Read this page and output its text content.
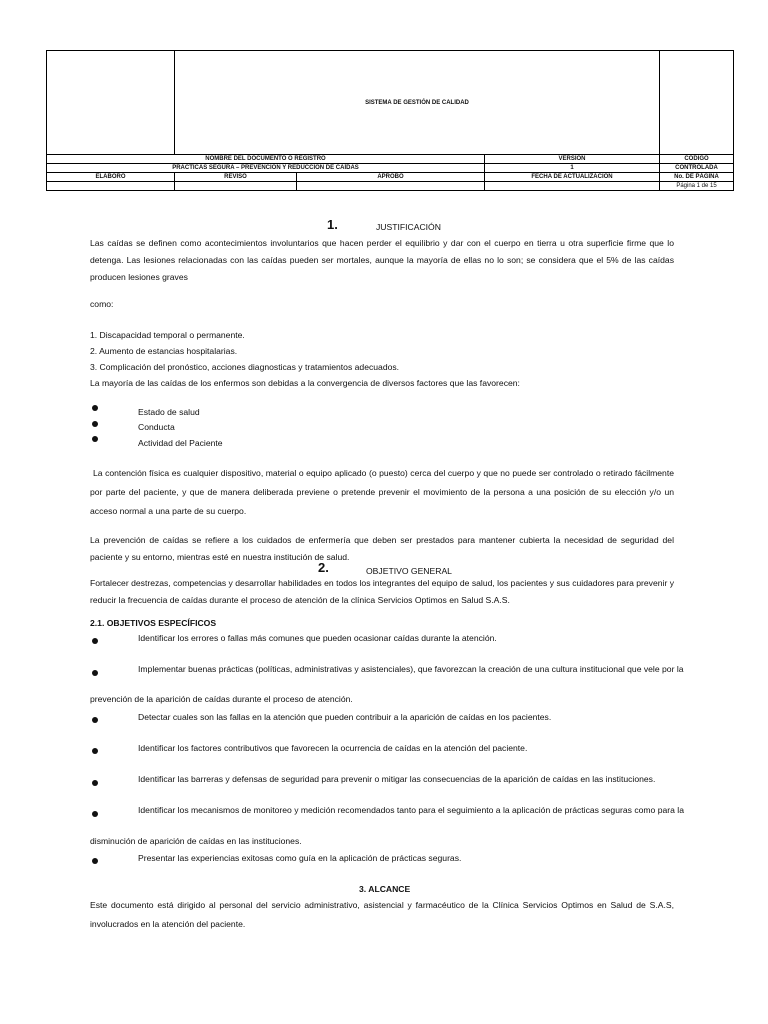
	SISTEMA DE GESTIÓN DE CALIDAD			
NOMBRE DEL DOCUMENTO O REGISTRO			VERSIÓN	CÓDIGO
PRACTICAS SEGURA – PREVENCIÓN Y REDUCCIÓN DE CAÍDAS			1	CONTROLADA
ELABORÓ	REVISÓ	APROBÓ	FECHA DE ACTUALIZACIÓN	No. DE PÁGINA
				Página 1 de 15
1.	JUSTIFICACIÓN
Las caídas se definen como acontecimientos involuntarios que hacen perder el equilibrio y dar con el cuerpo en tierra u otra superficie firme que lo detenga. Las lesiones relacionadas con las caídas pueden ser mortales, aunque la mayoría de ellas no lo son; se considera que el 5% de las caídas producen lesiones graves
como:
1. Discapacidad temporal o permanente.
2. Aumento de estancias hospitalarias.
3. Complicación del pronóstico, acciones diagnosticas y tratamientos adecuados.
La mayoría de las caídas de los enfermos son debidas a la convergencia de diversos factores que las favorecen:
Estado de salud
Conducta
Actividad del Paciente
La contención física es cualquier dispositivo, material o equipo aplicado (o puesto) cerca del cuerpo y que no puede ser controlado o retirado fácilmente por parte del paciente, y que de manera deliberada previene o pretende prevenir el movimiento de la persona a una posición de su elección y/o un acceso normal a una parte de su cuerpo.
La prevención de caídas se refiere a los cuidados de enfermería que deben ser prestados para mantener cubierta la necesidad de seguridad del paciente y su entorno, mientras esté en nuestra institución de salud.
2.	OBJETIVO GENERAL
Fortalecer destrezas, competencias y desarrollar habilidades en todos los integrantes del equipo de salud, los pacientes y sus cuidadores para prevenir y reducir la frecuencia de caídas durante el proceso de atención de la clínica Servicios Optimos en Salud S.A.S.
2.1. OBJETIVOS ESPECÍFICOS
Identificar los errores o fallas más comunes que pueden ocasionar caídas durante la atención.
Implementar buenas prácticas (políticas, administrativas y asistenciales), que favorezcan la creación de una cultura institucional que vele por la
prevención de la aparición de caídas durante el proceso de atención.
Detectar cuales son las fallas en la atención que pueden contribuir a la aparición de caídas en los pacientes.
Identificar los factores contributivos que favorecen la ocurrencia de caídas en la atención del paciente.
Identificar las barreras y defensas de seguridad para prevenir o mitigar las consecuencias de la aparición de caídas en las instituciones.
Identificar los mecanismos de monitoreo y medición recomendados tanto para el seguimiento a la aplicación de prácticas seguras como para la
disminución de aparición de caídas en las instituciones.
Presentar las experiencias exitosas como guía en la aplicación de prácticas seguras.
3. ALCANCE
Este documento está dirigido al personal del servicio administrativo, asistencial y farmacéutico de la Clínica Servicios Optimos en Salud de S.A.S, involucrados en la atención del paciente.
